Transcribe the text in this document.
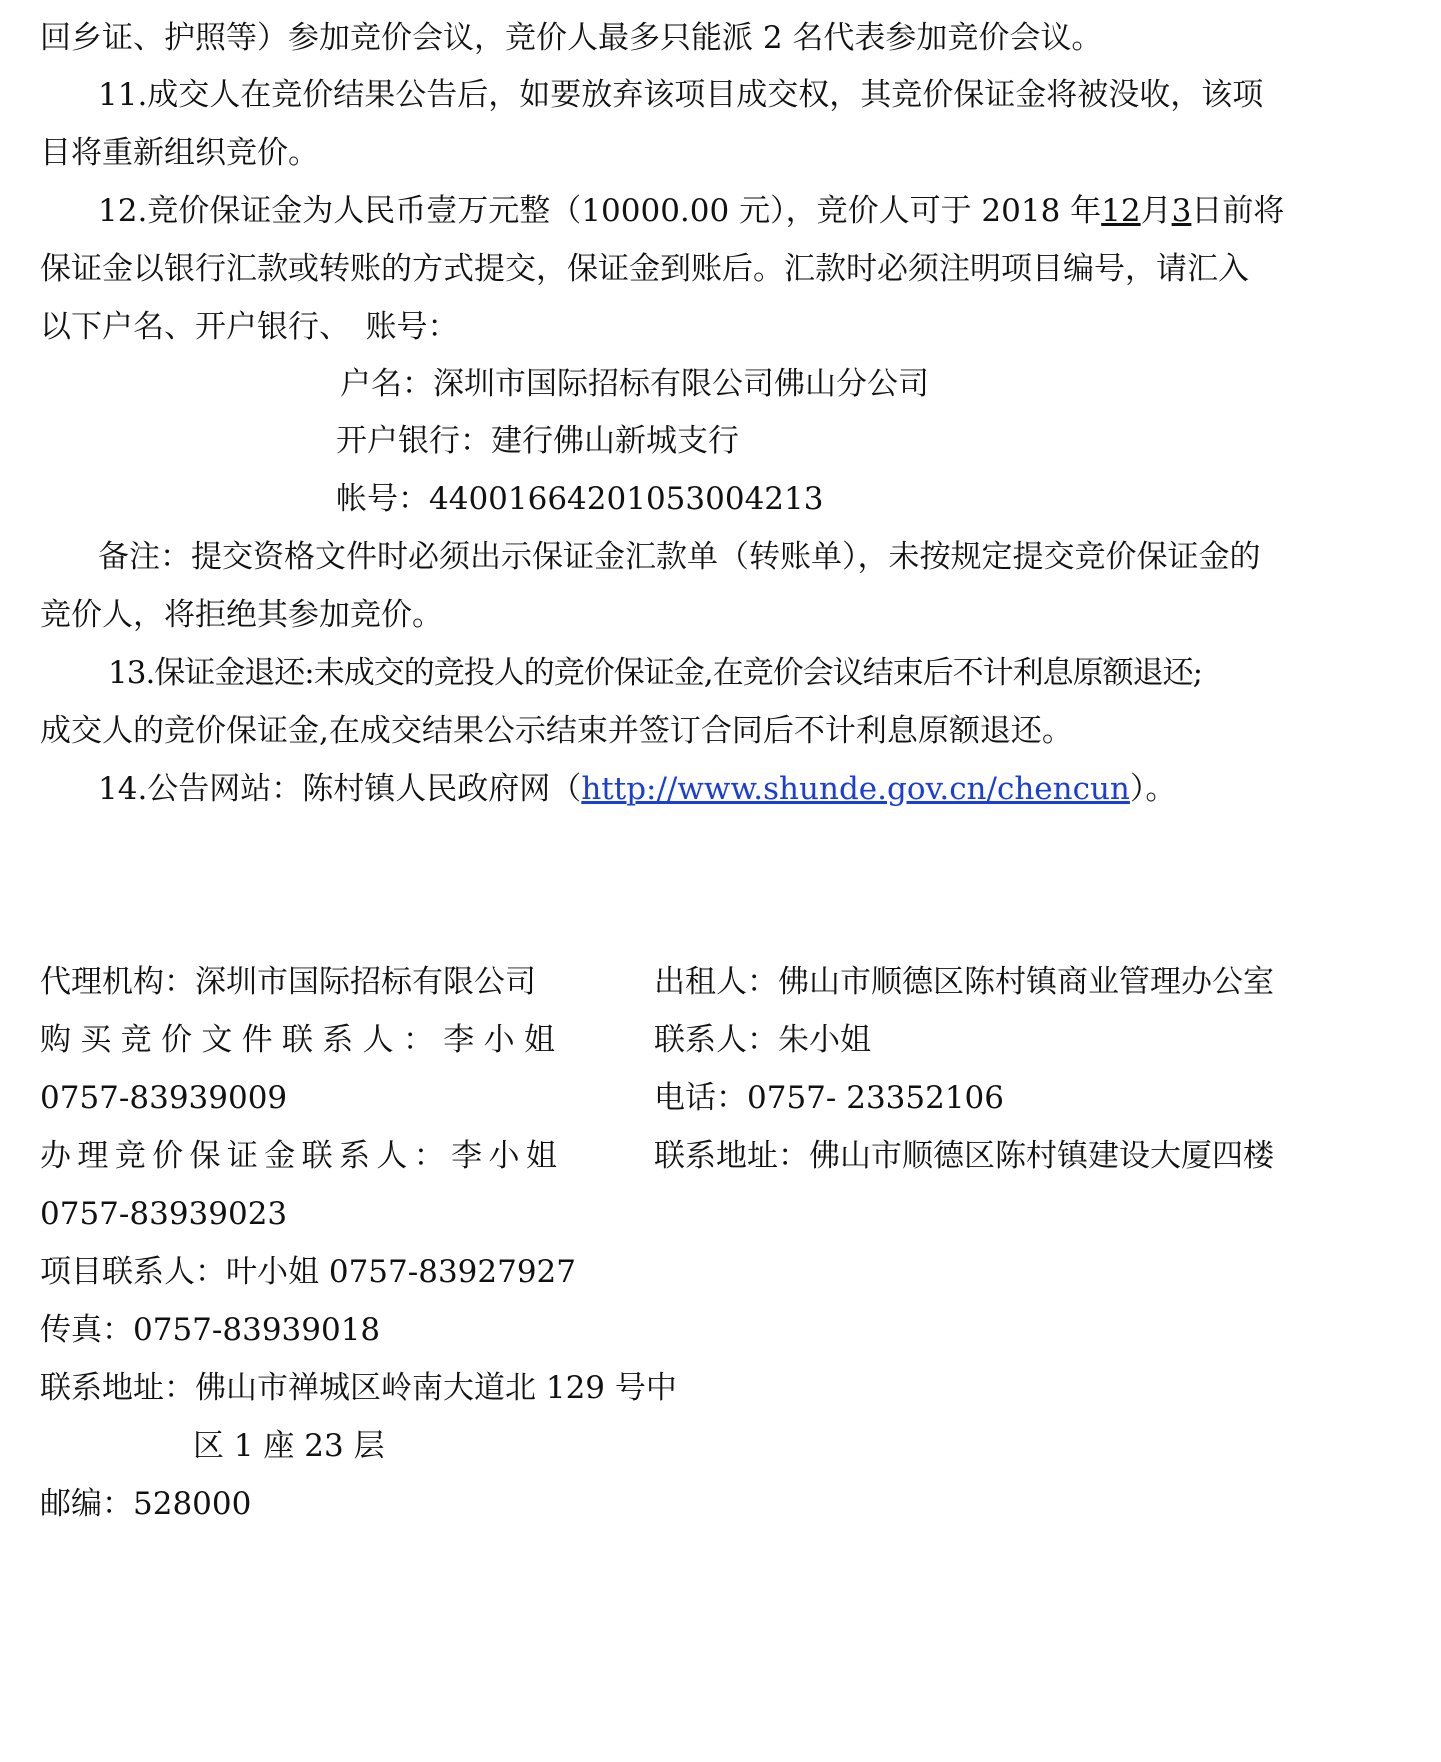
回乡证、护照等）参加竞价会议，竞价人最多只能派 2 名代表参加竞价会议。
11.成交人在竞价结果公告后，如要放弃该项目成交权，其竞价保证金将被没收，该项
目将重新组织竞价。
12.竞价保证金为人民币壹万元整（10000.00 元），竞价人可于 2018 年12月3日前将
保证金以银行汇款或转账的方式提交，保证金到账后。汇款时必须注明项目编号，请汇入
以下户名、开户银行、　账号：
户名：深圳市国际招标有限公司佛山分公司
开户银行：建行佛山新城支行
帐号：44001664201053004213
备注：提交资格文件时必须出示保证金汇款单（转账单），未按规定提交竞价保证金的
竞价人，将拒绝其参加竞价。
13.保证金退还:未成交的竞投人的竞价保证金,在竞价会议结束后不计利息原额退还;
成交人的竞价保证金,在成交结果公示结束并签订合同后不计利息原额退还。
14.公告网站：陈村镇人民政府网（http://www.shunde.gov.cn/chencun）。
代理机构：深圳市国际招标有限公司
购 买 竞 价 文 件 联 系 人 ： 李 小 姐
0757-83939009
办 理 竞 价 保 证 金 联 系 人 ： 李 小 姐
0757-83939023
项目联系人：叶小姐 0757-83927927
传真：0757-83939018
联系地址：佛山市禅城区岭南大道北 129 号中
区 1 座 23 层
邮编：528000
出租人：佛山市顺德区陈村镇商业管理办公室
联系人：朱小姐
电话：0757- 23352106
联系地址：佛山市顺德区陈村镇建设大厦四楼
